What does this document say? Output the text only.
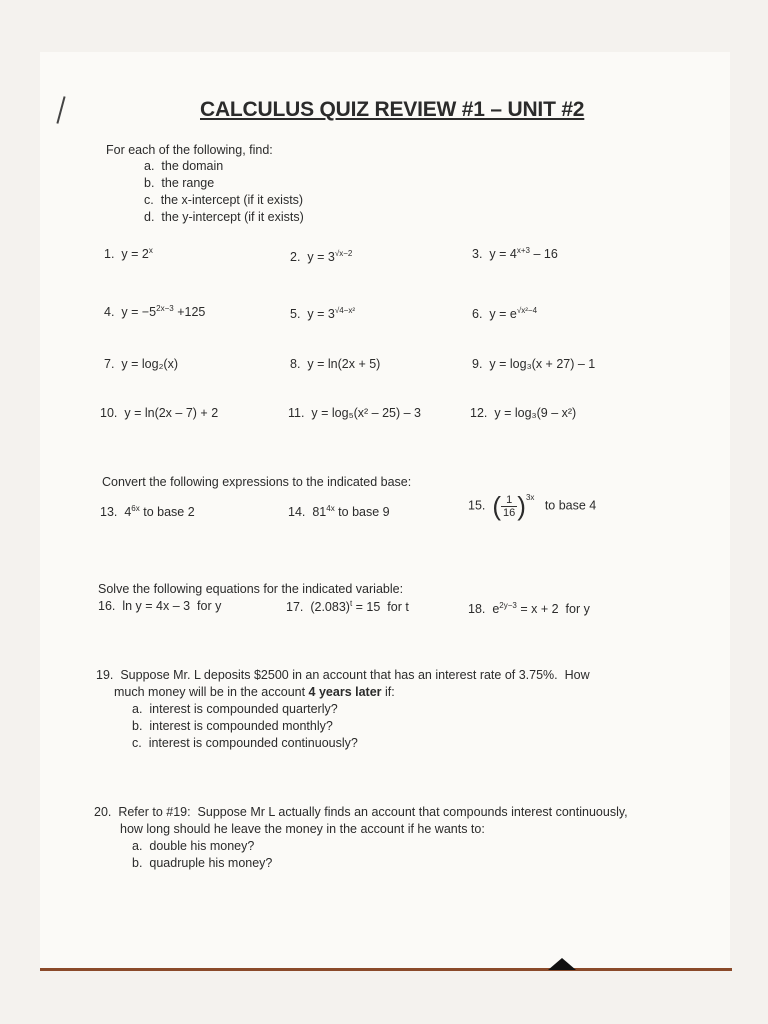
CALCULUS QUIZ REVIEW #1 – UNIT #2
For each of the following, find:
a. the domain
b. the range
c. the x-intercept (if it exists)
d. the y-intercept (if it exists)
1. $y = 2^x$	2. $y = 3^{√x-2}$	3. $y = 4^{x+3} - 16$
4. $y = -5^{2x-3} +125$	5. $y = 3^{√4-x^2}$	6. $y = e^{√x^2-4}$
7. y = log₂(x)	8. y = ln(2x + 5)	9. y = log₃(x + 27) – 1
10. y = ln(2x – 7) + 2	11. y = log₅(x² – 25) – 3	12. y = log₃(9 – x²)
Convert the following expressions to the indicated base:
13. $4^{6x}$ to base 2	14. $81^{4x}$ to base 9	15. ( $\frac{1}{16} )^{3x}$   to base 4
Solve the following equations for the indicated variable:
16. ln y = 4x – 3  for y	17. $(2.083)^t = 15$  for t	18. $e^{2y-3} = x + 2$  for y
19.  Suppose Mr. L deposits $2500 in an account that has an interest rate of 3.75%.  How
much money will be in the account 4 years later if:
a. interest is compounded quarterly?
b. interest is compounded monthly?
c. interest is compounded continuously?
20.  Refer to #19:  Suppose Mr L actually finds an account that compounds interest continuously,
how long should he leave the money in the account if he wants to:
a. double his money?
b. quadruple his money?
